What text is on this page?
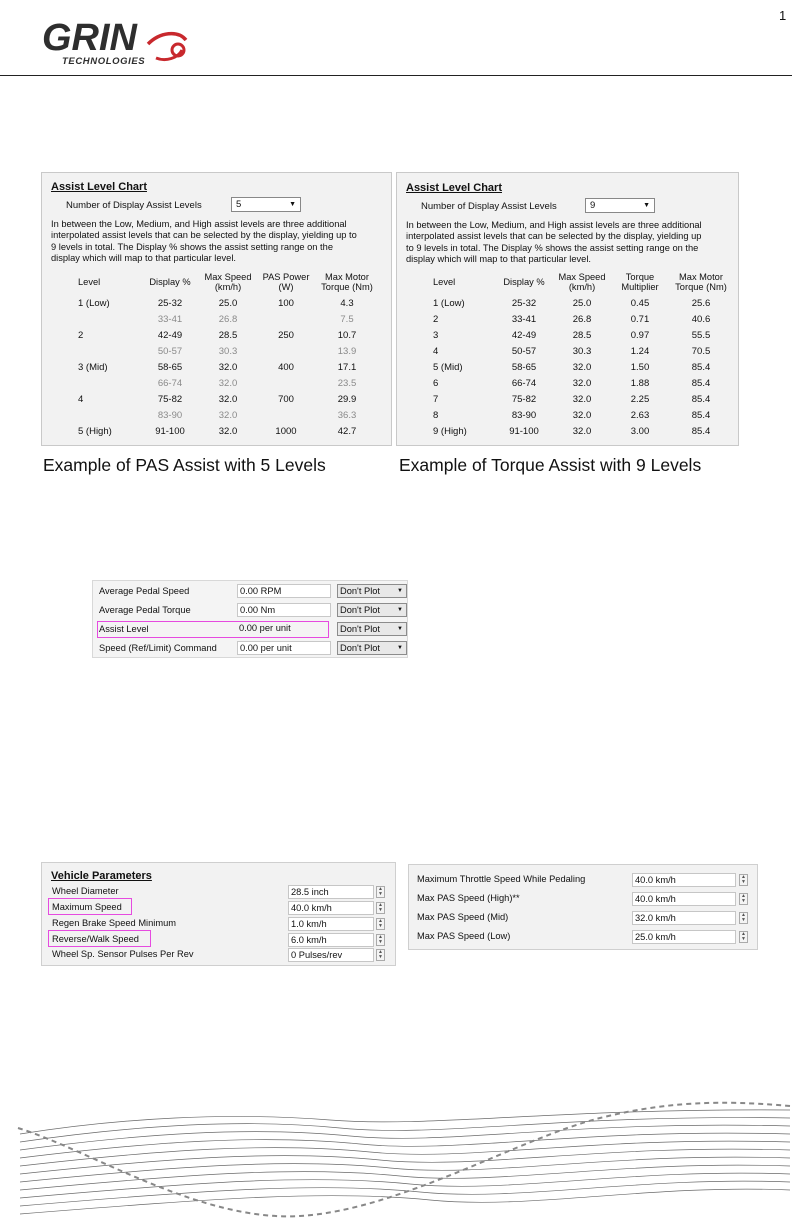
GRIN
TECHNOLOGIES
1
Assist Level Chart
Number of Display Assist Levels	5	▼
In between the Low, Medium, and High assist levels are three additional
interpolated assist levels that can be selected by the display, yielding up to
9 levels in total. The Display % shows the assist setting range on the
display which will map to that particular level.
Level	Display %	Max Speed (km/h)	PAS Power (W)	Max Motor Torque (Nm)
1 (Low)	25-32	25.0	100	4.3
	33-41	26.8		7.5
2	42-49	28.5	250	10.7
	50-57	30.3		13.9
3 (Mid)	58-65	32.0	400	17.1
	66-74	32.0		23.5
4	75-82	32.0	700	29.9
	83-90	32.0		36.3
5 (High)	91-100	32.0	1000	42.7
Example of PAS Assist with 5 Levels
Assist Level Chart
Number of Display Assist Levels	9	▼
In between the Low, Medium, and High assist levels are three additional
interpolated assist levels that can be selected by the display, yielding up
to 9 levels in total. The Display % shows the assist setting range on the
display which will map to that particular level.
Level	Display %	Max Speed (km/h)	Torque Multiplier	Max Motor Torque (Nm)
1 (Low)	25-32	25.0	0.45	25.6
2	33-41	26.8	0.71	40.6
3	42-49	28.5	0.97	55.5
4	50-57	30.3	1.24	70.5
5 (Mid)	58-65	32.0	1.50	85.4
6	66-74	32.0	1.88	85.4
7	75-82	32.0	2.25	85.4
8	83-90	32.0	2.63	85.4
9 (High)	91-100	32.0	3.00	85.4
Example of Torque Assist with 9 Levels
Average Pedal Speed	0.00 RPM	Don't Plot	▼
Average Pedal Torque	0.00 Nm	Don't Plot	▼
Assist Level	0.00 per unit	Don't Plot	▼
Speed (Ref/Limit) Command	0.00 per unit	Don't Plot	▼
Vehicle Parameters
Wheel Diameter	28.5 inch	▲
▼
Maximum Speed	40.0 km/h	▲
▼
Regen Brake Speed Minimum	1.0 km/h	▲
▼
Reverse/Walk Speed	6.0 km/h	▲
▼
Wheel Sp. Sensor Pulses Per Rev	0 Pulses/rev	▲
▼
Maximum Throttle Speed While Pedaling	40.0 km/h	▲
▼
Max PAS Speed (High)**	40.0 km/h	▲
▼
Max PAS Speed (Mid)	32.0 km/h	▲
▼
Max PAS Speed (Low)	25.0 km/h	▲
▼
